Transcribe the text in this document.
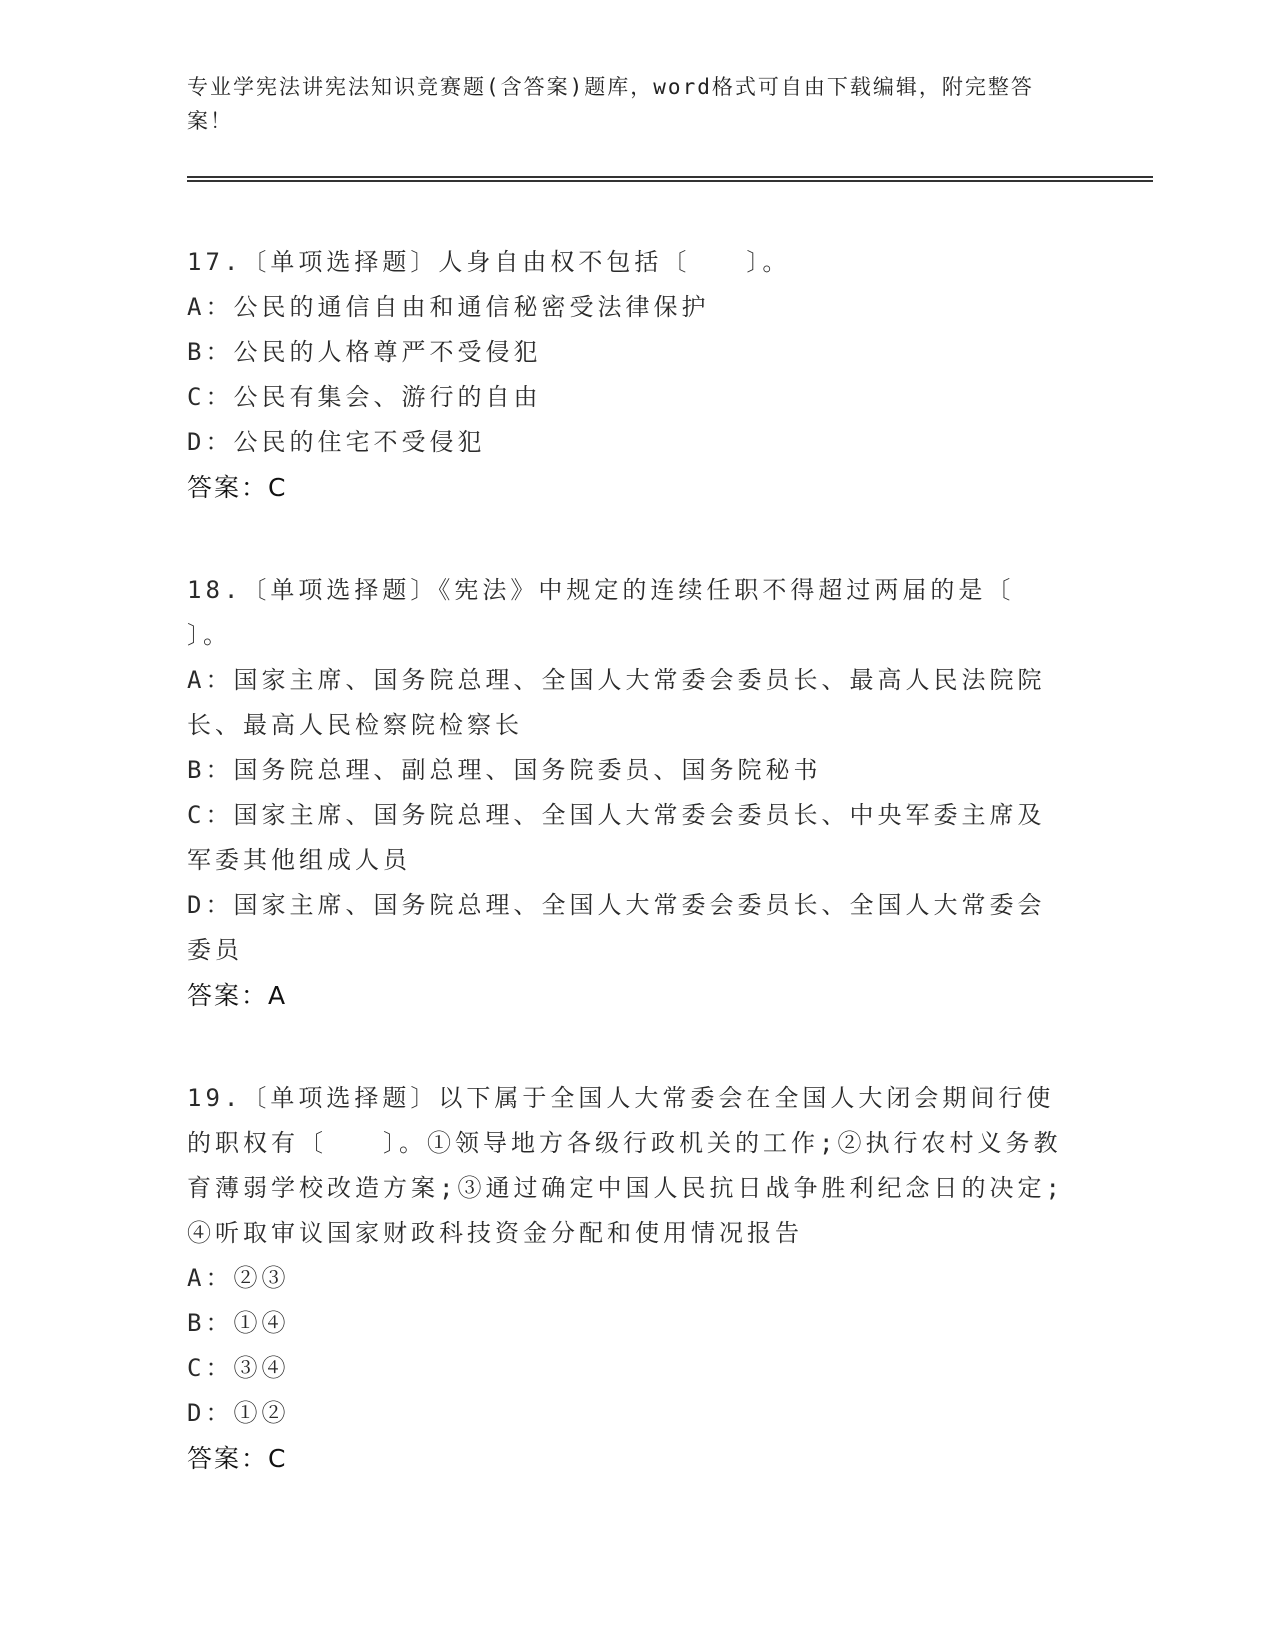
专业学宪法讲宪法知识竞赛题(含答案)题库，word格式可自由下载编辑，附完整答案！
17.〔单项选择题〕人身自由权不包括〔　　〕。
A：公民的通信自由和通信秘密受法律保护
B：公民的人格尊严不受侵犯
C：公民有集会、游行的自由
D：公民的住宅不受侵犯
答案：C
18.〔单项选择题〕《宪法》中规定的连续任职不得超过两届的是〔　　〕。
A：国家主席、国务院总理、全国人大常委会委员长、最高人民法院院长、最高人民检察院检察长
B：国务院总理、副总理、国务院委员、国务院秘书
C：国家主席、国务院总理、全国人大常委会委员长、中央军委主席及军委其他组成人员
D：国家主席、国务院总理、全国人大常委会委员长、全国人大常委会委员
答案：A
19.〔单项选择题〕以下属于全国人大常委会在全国人大闭会期间行使的职权有〔　　〕。①领导地方各级行政机关的工作;②执行农村义务教育薄弱学校改造方案;③通过确定中国人民抗日战争胜利纪念日的决定;④听取审议国家财政科技资金分配和使用情况报告
A：②③
B：①④
C：③④
D：①②
答案：C
